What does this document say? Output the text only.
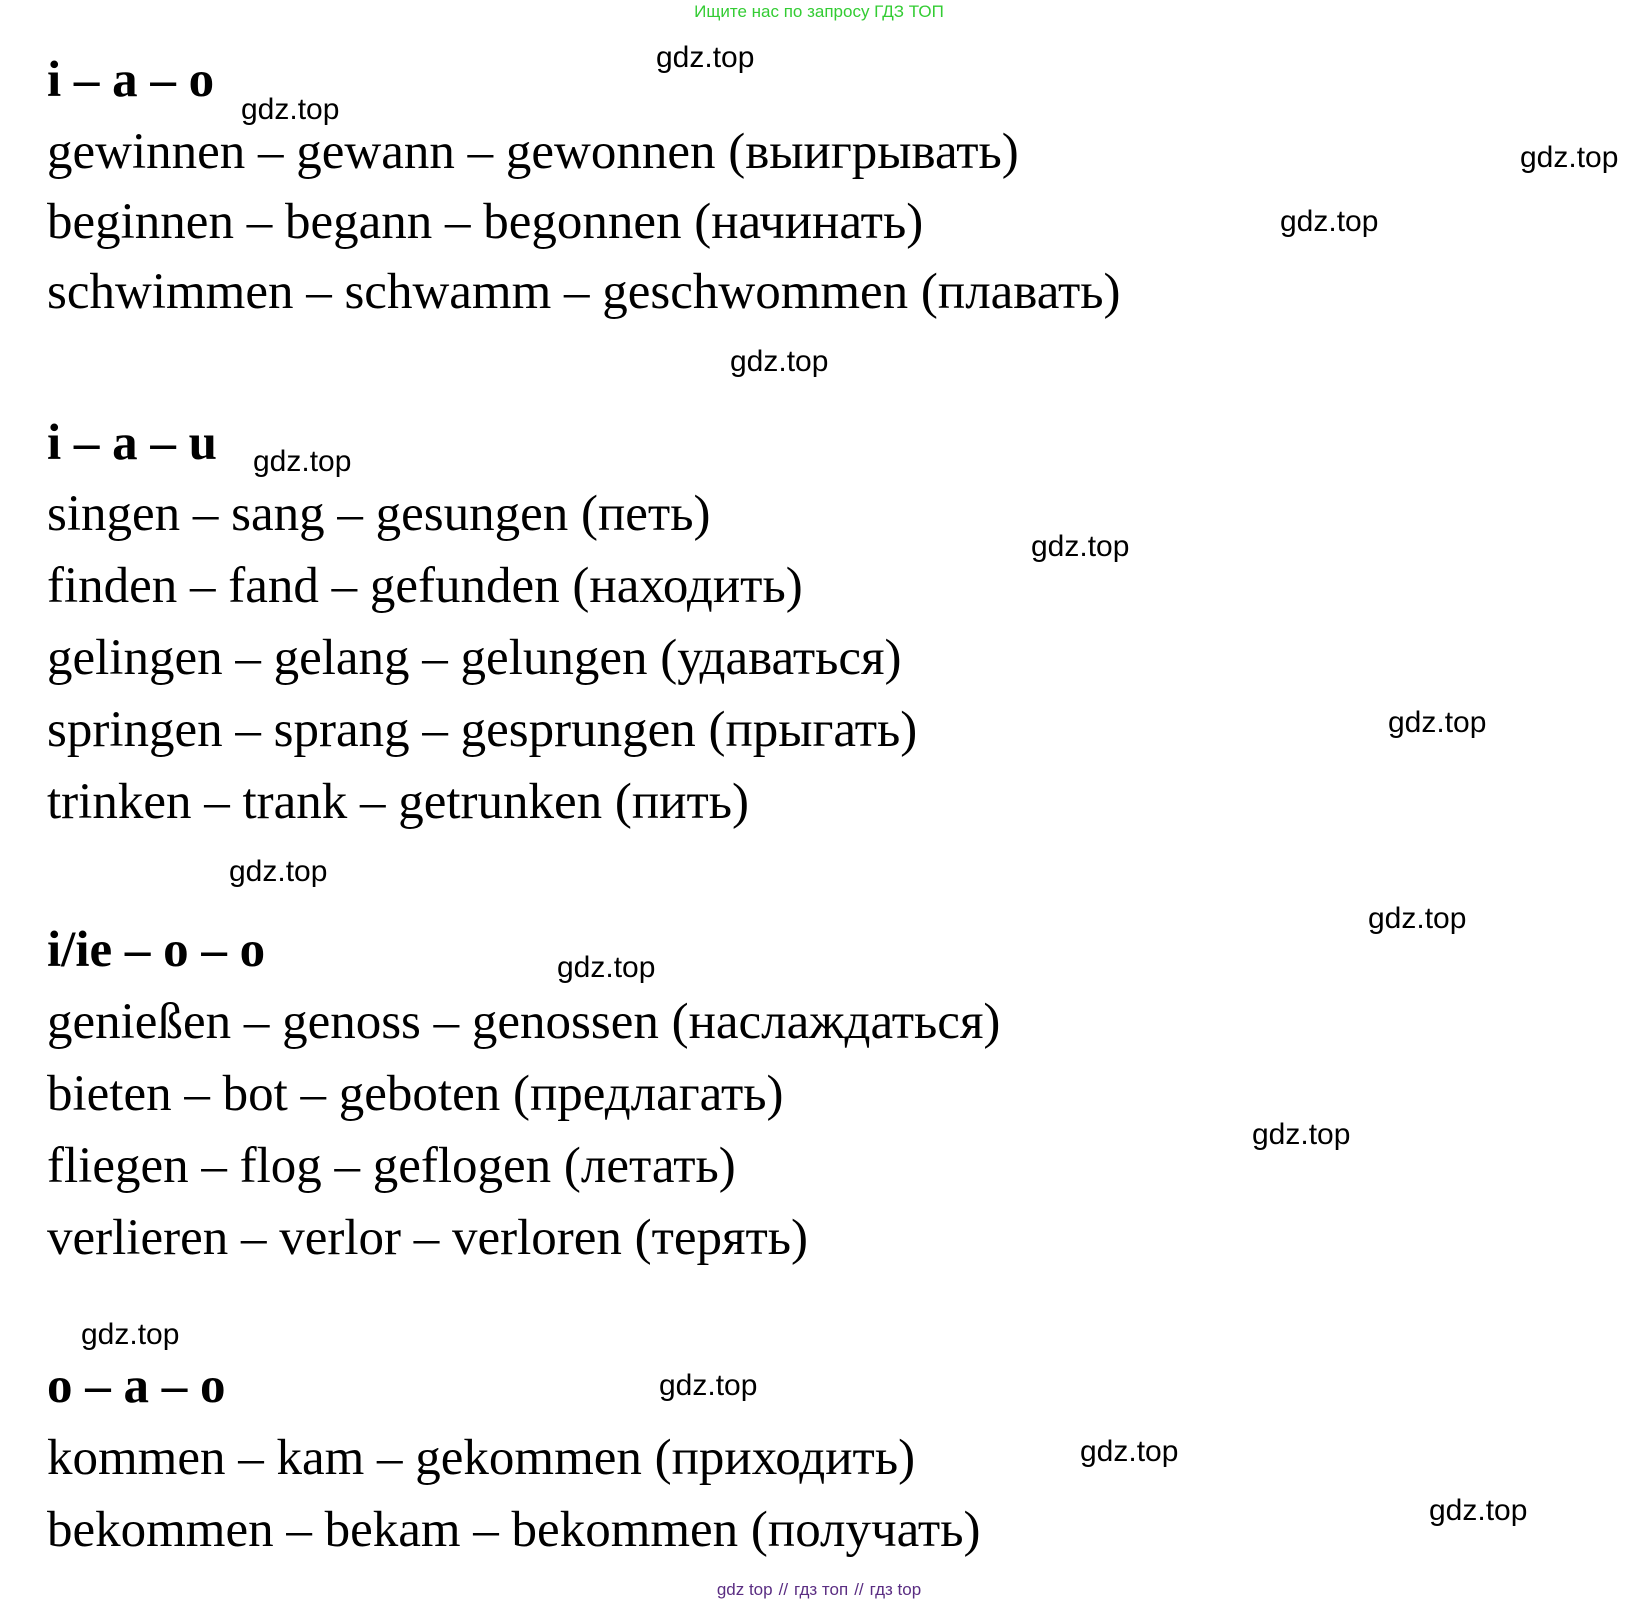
Ищите нас по запросу ГДЗ ТОП
i – a – o
gewinnen – gewann – gewonnen (выигрывать)
beginnen – begann – begonnen (начинать)
schwimmen – schwamm – geschwommen (плавать)
i – a – u
singen – sang – gesungen (петь)
finden – fand – gefunden (находить)
gelingen – gelang – gelungen (удаваться)
springen – sprang – gesprungen (прыгать)
trinken – trank – getrunken (пить)
i/ie – o – o
genießen – genoss – genossen (наслаждаться)
bieten – bot – geboten (предлагать)
fliegen – flog – geflogen (летать)
verlieren – verlor – verloren (терять)
o – a – o
kommen – kam – gekommen (приходить)
bekommen – bekam – bekommen (получать)
gdz.top
gdz.top
gdz.top
gdz.top
gdz.top
gdz.top
gdz.top
gdz.top
gdz.top
gdz.top
gdz.top
gdz.top
gdz.top
gdz.top
gdz.top
gdz.top
gdz top // гдз топ // гдз top
